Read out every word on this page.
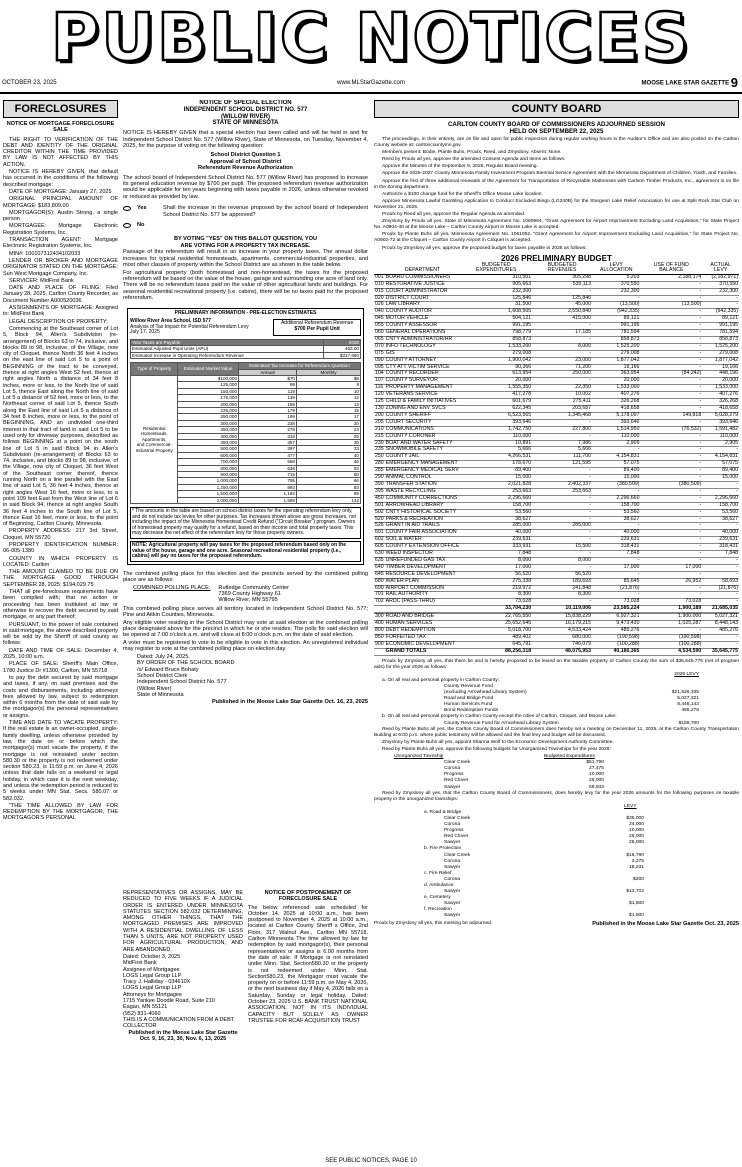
PUBLIC NOTICES
OCTOBER 23, 2025	www.MLStarGazette.com	MOOSE LAKE STAR GAZETTE 9
FORECLOSURES
NOTICE OF MORTGAGE FORECLOSURE SALE

THE RIGHT TO VERIFICATION OF THE DEBT AND IDENTITY OF THE ORIGINAL CREDITOR WITHIN THE TIME PROVIDED BY LAW IS NOT AFFECTED BY THIS ACTION.

NOTICE IS HEREBY GIVEN, that default has occurred in the conditions of the following described mortgage:

DATE OF MORTGAGE: January 27, 2025

ORIGINAL PRINCIPAL AMOUNT OF MORTGAGE: $183,809.00

MORTGAGOR(S): Austin Strong, a single person

MORTGAGEE: Mortgage Electronic Registration Systems, Inc.

TRANSACTION AGENT: Mortgage Electronic Registration Systems, Inc.

MIN#: 100107312434102033

LENDER OR BROKER AND MORTGAGE ORIGINATOR STATED ON THE MORTGAGE: Sun West Mortgage Company, Inc.

SERVICER: MidFirst Bank

DATE AND PLACE OF FILING: Filed January 28, 2025, Carlton County Recorder, as Document Number A000520036

ASSIGNMENTS OF MORTGAGE: Assigned to: MidFirst Bank

LEGAL DESCRIPTION OF PROPERTY:

Commencing at the Southeast corner of Lot 5, Block 94, Allen's Subdivision (re-arrangement) of Blocks 63 to 74, inclusive, and blocks 89 to 98, inclusive, of the Village, now city of Cloquet, thence North 36 feet 4 inches on the east line of said Lot 5 to a point of BEGINNING of the tract to be conveyed, thence at right angles West 52 feet, thence at right angles North a distance of 34 feet 8 inches, more or less, to the North line of said Lot 5, thence East along the North line of said Lot 5 a distance of 52 feet, more or less, to the Northeast corner of said Lot 5, thence South along the East line of said Lot 5 a distance of 34 feet 8 inches, more or less, to the point of BEGINNING, AND an undivided one-third interest in that tract of land in said Lot 5 to be used only for driveway purposes, described as follows BEGINNING at a point on the south line of Lot 5 in said Block 94 in Allen's Subdivision (re-arrangement) of Blocks 63 to 74, inclusive, and blocks 89 to 98, inclusive, of the Village, now city of Cloquet, 36 feet West of the Southeast corner thereof, thence running North on a line parallel with the East line of said Lot 5, 36 feet 4 inches, thence at right angles West 16 feet, more or less, to a point 109 feet East from the West line of Lot 6 in said Block 94, thence at right angles South 36 feet 4 inches to the South line of Lot 5, thence East 16 feet, more or less, to the point of Beginning, Carlton County, Minnesota

PROPERTY ADDRESS: 217 3rd Street, Cloquet, MN 55720

PROPERTY IDENTIFICATION NUMBER: 06-005-1380

COUNTY IN WHICH PROPERTY IS LOCATED: Carlton

THE AMOUNT CLAIMED TO BE DUE ON THE MORTGAGE GOOD THROUGH SEPTEMBER 28, 2025: $194,029.75

THAT all pre-foreclosure requirements have been complied with; that no action or proceeding has been instituted at law or otherwise to recover the debt secured by said mortgage, or any part thereof;

PURSUANT, to the power of sale contained in said mortgage, the above described property will be sold by the Sheriff of said county as follows:

DATE AND TIME OF SALE: December 4, 2025, 10:00 a.m.

PLACE OF SALE: Sheriff's Main Office, 1780 Justice Dr #1300, Carlton, MN 55718

to pay the debt secured by said mortgage and taxes, if any, on said premises and the costs and disbursements, including attorneys fees allowed by law, subject to redemption within 6 months from the date of said sale by the mortgagor(s) the personal representatives or assigns.

TIME AND DATE TO VACATE PROPERTY: If the real estate is an owner-occupied, single-family dwelling, unless otherwise provided by law, the date on or before which the mortgagor(s) must vacate the property, if the mortgage is not reinstated under section 580.30 or the property is not redeemed under section 580.23, is 11:59 p.m. on June 4, 2026 unless that date falls on a weekend or legal holiday, in which case it is the next weekday, and unless the redemption period is reduced to 5 weeks under MN Stat. Secs. 580.07 or 582.032.

"THE TIME ALLOWED BY LAW FOR REDEMPTION BY THE MORTGAGOR, THE MORTGAGOR'S PERSONAL

NOTICE OF SPECIAL ELECTION
INDEPENDENT SCHOOL DISTRICT NO. 577
(WILLOW RIVER)
STATE OF MINNESOTA

NOTICE IS HEREBY GIVEN that a special election has been called and will be held in and for Independent School District No. 577 (Willow River), State of Minnesota, on Tuesday, November 4, 2025, for the purpose of voting on the following question:

School District Question 1
Approval of School District
Referendum Revenue Authorization

The school board of Independent School District No. 577 (Willow River) has proposed to increase its general education revenue by $700 per pupil. The proposed referendum revenue authorization would be applicable for ten years beginning with taxes payable in 2026, unless otherwise revoked or reduced as provided by law.

Yes	Shall the increase in the revenue proposed by the school board of Independent School District No. 577 be approved?
No
BY VOTING "YES" ON THIS BALLOT QUESTION, YOU
ARE VOTING FOR A PROPERTY TAX INCREASE.

Passage of this referendum will result in an increase in your property taxes. The annual dollar increases for typical residential homesteads, apartments, commercial-industrial properties, and most other classes of property within the School District are as shown in the table below.

For agricultural property (both homestead and non-homestead, the taxes for the proposed referendum will be based on the value of the house, garage and surrounding one acre of land only. There will be no referendum taxes paid on the value of other agricultural lands and buildings. For seasonal residential recreational property (i.e. cabins), there will be no taxes paid for the proposed referendum.

PRELIMINARY INFORMATION - PRE-ELECTION ESTIMATES
Willow River Area School, ISD 577
Analysis of Tax Impact for Potential Referendum Levy
July 17, 2025
Additional Referendum Revenue
$700 Per Pupil Unit
Year Taxes are Payable	2026
Estimated Adjusted Pupil Units (APU)	453.00
Estimated Increase in Operating Referendum Revenue	$317,660
Type of Property	Estimated Market Value	Estimated Tax Increase for Referendum Question	
		Annual	Monthly

Residential
Homesteads,
Apartments,
and Commercial-
Industrial Property	$100,000	$70	$6
	125,000	99	8
	150,000	119	10
	175,000	139	12
	200,000	159	13
	225,000	179	15
	250,000	199	17
	300,000	238	20
	350,000	278	23
	400,000	318	26
	450,000	357	30
	500,000	397	33
	600,000	477	40
	700,000	556	46
	800,000	636	53
	900,000	715	60
	1,000,000	795	66
	1,250,000	993	83
	1,500,000	1,192	99
	2,000,000	1,589	132
* The amounts in the table are based on school district taxes for the operating referendum levy only, and do not include tax levies for other purposes. Tax increases shown above are gross increases, not including the impact of the Minnesota Homestead Credit Refund ("Circuit Breaker") program. Owners of homestead property may qualify for a refund, based on their income and total property taxes. This may decrease the net effect of the referendum levy for those property owners.
NOTE: Agricultural property will pay taxes for the proposed referendum based only on the value of the house, garage and one acre. Seasonal recreational residential property (i.e., cabins) will pay no taxes for the proposed referendum.

The combined polling place for this election and the precincts served by the combined polling place are as follows:

COMBINED POLLING PLACE: Rutledge Community Center
7369 County Highway 61
Willow River, MN 55795

This combined polling place serves all territory located in Independent School District No. 577; Pine and Aitkin Counties, Minnesota.

Any eligible voter residing in the School District may vote at said election at the combined polling place designated above for the precinct in which he or she resides. The polls for said election will be opened at 7:00 o'clock a.m. and will close at 8:00 o'clock p.m. on the date of said election.

A voter must be registered to vote to be eligible to vote in this election. An unregistered individual may register to vote at the combined polling place on election day.

Dated: July 24, 2025.
BY ORDER OF THE SCHOOL BOARD
/s/ Edward Bruce Bohaty
School District Clerk
Independent School District No. 577
(Willow River)
State of Minnesota
Published in the Moose Lake Star Gazette Oct. 16, 23, 2025

REPRESENTATIVES OR ASSIGNS, MAY BE REDUCED TO FIVE WEEKS IF A JUDICIAL ORDER IS ENTERED UNDER MINNESOTA STATUTES SECTION 582.032 DETERMINING, AMONG OTHER THINGS, THAT THE MORTGAGED PREMISES ARE IMPROVED WITH A RESIDENTIAL DWELLING OF LESS THAN 5 UNITS, ARE NOT PROPERTY USED FOR AGRICULTURAL PRODUCTION, AND ARE ABANDONED.

Dated: October 3, 2025
MidFirst Bank
Assignee of Mortgagee
LOGS Legal Group LLP
Tracy J. Halliday - 034610X
LOGS Legal Group LLP
Attorneys for Mortgagee
1715 Yankee Doodle Road, Suite 210
Eagan, MN 55121
(952) 831-4060
THIS IS A COMMUNICATION FROM A DEBT COLLECTOR
Published in the Moose Lake Star Gazette Oct. 9, 16, 23, 30, Nov. 6, 13, 2025
NOTICE OF POSTPONEMENT OF FORECLOSURE SALE

The below referenced sale scheduled for October 14, 2025 at 10:00 a.m., has been postponed to November 4, 2025 at 10:00 a.m., located at Carlton County Sheriff s Office, 2nd Floor, 317 Walnut Ave., Carlton MN 55718. Carlton Minnesota The time allowed by law for redemption by said mortgagor(s), their personal representatives or assigns is 6.00 months from the date of sale. If Mortgage is not reinstated under Minn. Stat. Section580.30 or the property is not redeemed under Minn. Stat. Section580.23, the Mortgagor must vacate the property on or before 11:59 p.m. on May 4, 2026, or the next business day if May 4, 2026 falls on a Saturday, Sunday or legal holiday. Dated: October 23, 2025 U.S. BANK TRUST NATIONAL ASSOCIATION, NOT IN ITS INDIVIDUAL CAPACITY BUT SOLELY AS OWNER TRUSTEE FOR RCAF ACQUISITION TRUST

COUNTY BOARD
CARLTON COUNTY BOARD OF COMMISSIONERS ADJOURNED SESSION
HELD ON SEPTEMBER 22, 2025

The proceedings, in their entirety, are on file and open for public inspection during regular working hours in the Auditor's Office and are also posted on the Carlton County website at: carltoncountymn.gov

Members present: Bodie, Plante Buhs, Proulx, Reed, and Zmyslony. Absent: None.

Reed by Proulx all yes, approve the amended Consent Agenda and items as follows:

Approve the Minutes of the September 9, 2025, Regular Board meeting.

Approve the 2026-2027 County Minnesota Family Investment Program Biennial Service Agreement with the Minnesota Department of Children, Youth, and Families.

Approve the first of three additional renewals of the Agreement for Transportation of Recyclable Mattresses with Carlson Timber Products, Inc., agreement is on file in the Zoning department.

Authorize a $100 change fund for the Sheriff's Office Moose Lake location.

Approve Minnesota Lawful Gambling Application to Conduct Excluded Bingo (LG240B) for the Sturgeon Lake Relief Association for use at Split Rock Star Club on November 21, 2025.

Proulx by Reed all yes, approve the Regular Agenda as amended.

Zmyslony by Proulx all yes, State of Minnesota Agreement No. 1060994, "Grant Agreement for Airport Improvement Excluding Land Acquisition," for State Project No. A0904-40 at the Moose Lake – Carlton County Airport in Moose Lake is accepted.

Proulx by Plante Buhs all yes, Minnesota Agreement No. 1061092, "Grant Agreement for Airport Improvement Excluding Land Acquisition," for State Project No. A0902-72 at the Cloquet – Carlton County Airport in Cloquet is accepted.

Proulx by Zmyslony all yes, approve the proposed budget for taxes payable in 2026 as follows:

2026 PRELIMINARY BUDGET
	DEPARTMENT	BUDGETED EXPENDITURES	BUDGETED REVENUES	LEVY ALLOCATION	USE OF FUND BALANCE	ACTUAL LEVY
001	BOARD COMMISSIONERS	310,501	305,298	5,203	2,188,174	(2,182,971)
010	RESTORATIVE JUSTICE	905,663	535,113	370,550	-	370,550
015	COURT ADMINISTRATOR	232,300	-	232,300	-	232,300
020	DISTRICT COURT	125,846	125,846	-	-	-
026	LAW LIBRARY	31,500	45,000	(13,500)	(13,500)	-
040	COUNTY AUDITOR	1,608,505	2,550,840	(942,335)	-	(942,335)
045	MOTOR VEHICLE	504,121	415,000	89,121	-	89,121
055	COUNTY ASSESSOR	991,195	-	991,195	-	991,195
060	GENERAL OPERATIONS	798,779	17,185	781,594	-	781,594
065	CNTY ADMINISTRATOR/HR	858,873	-	858,873	-	858,873
070	INFO TECHNOLOGY	1,533,200	8,000	1,525,200	-	1,525,200
075	GIS	279,008	-	279,008	-	279,008
090	COUNTY ATTORNEY	1,900,042	23,000	1,877,042	-	1,877,042
095	CTY ATT VICTIM SERVICE	90,366	71,200	19,166	-	19,166
104	COUNTY RECORDER	613,954	250,000	363,954	(84,242)	448,196
107	COUNTY SURVEYOR	20,000	-	20,000	-	20,000
116	PROPERTY MANAGEMENT	1,555,350	22,350	1,533,000	-	1,533,000
120	VETERANS SERVICE	417,278	10,002	407,276	-	407,276
125	CHILD & FAMILY INITIATIVES	601,679	275,411	326,268	-	326,268
130	ZONING AND ENV SVCS	622,345	203,687	418,658	-	418,658
200	COUNTY SHERIFF	6,523,565	1,345,468	5,178,097	149,818	5,028,279
205	COURT SECURITY	393,646	-	393,646	-	393,646
210	COMMUNICATIONS	1,742,750	227,800	1,514,950	(76,532)	1,591,482
215	COUNTY CORONER	110,000	-	110,000	-	110,000
230	BOAT AND WATER SAFETY	10,891	7,986	2,905	-	2,905
235	SNOWMOBILE SAFETY	5,666	5,666	-	-	-
250	COUNTY JAIL	4,266,531	111,700	4,154,831	-	4,154,831
280	EMERGENCY MANAGEMENT	178,670	121,595	57,075	-	57,075
285	EMERGENCY MEDICAL SERV	89,400	-	89,400	-	89,400
290	ANIMAL CONTROL	15,000	-	15,000	-	15,000
390	TRANSFER STATION	2,021,828	2,402,337	(380,509)	(380,509)	-
395	WASTE RECYCLING	253,663	253,663	-	-	-
450	COMMUNITY CORRECTIONS	2,296,660	-	2,296,660	-	2,296,660
501	ARROWHEAD LIBRARY	158,700	-	158,700	-	158,700
502	CNTY HISTORICAL SOCIETY	53,560	-	53,560	-	53,560
520	PARKS & RECREATION	38,627	-	38,627	-	38,627
525	GRANT IN AID TRAILS	285,000	285,000	-	-	-
601	COUNTY FAIR ASSOCIATION	40,000	-	40,000	-	40,000
602	SOIL & WATER	239,631	-	239,631	-	239,631
605	COUNTY EXTENSION OFFICE	333,931	15,500	318,431	-	318,431
630	WEED INSPECTOR	7,848	-	7,848	-	7,848
635	UNREFUNDED GAS TAX	8,000	8,000	-	-	-
640	TIMBER DEVELOPMENT	17,000	-	17,000	17,000	-
645	RESOURCE DEVELOPMENT	56,520	56,520	-	-	-
680	WATER PLAN	275,338	189,693	85,645	26,952	58,693
690	AIRPORT COMMISSION	219,972	241,848	(21,876)	-	(21,876)
701	RAIL AUTHORITY	8,300	8,300	-	-	-
702	ARDC (PASS-THRU)	73,028	-	73,028	73,028	-
		33,704,230	10,119,006	23,585,224	1,900,189	21,685,035

300	ROAD AND BRIDGE	22,765,550	15,838,229	6,927,321	1,900,000	5,027,321
400	HUMAN SERVICES	25,652,645	16,179,215	9,473,430	1,025,287	8,448,143
800	DEBT REDEMPTION	5,018,700	4,533,424	485,276	-	485,276
850	FORFEITED TAX	489,402	680,000	(190,598)	(190,598)	-
900	ECONOMIC DEVELOPMENT	645,791	746,079	(100,288)	(100,288)	-
	GRAND TOTALS	88,256,318	48,075,953	40,180,365	4,534,590	35,645,775

Proulx by Zmyslony all yes, that there be and is hereby proposed to be levied on the taxable property of Carlton County the sum of $35,645,775 (net of program aids) for the year 2026 as follows:

2026 LEVY
a. On all real and personal property in Carlton County:
County Revenue Fund
(excluding Arrowhead Library System)	$21,526,335
Road and Bridge Fund	5,027,321
Human Services Fund	8,448,143
Bond Redemption Funds	485,276
b. On all real and personal property in Carlton County except the cities of Carlton, Cloquet, and Moose Lake:
County Revenue Fund for Arrowhead Library System	$158,700

Reed by Plante Buhs all yes, the Carlton County Board of Commissioners does hereby set a meeting on December 11, 2025, at the Carlton County Transportation Building at 6:00 p.m. where public testimony will be allowed and the final levy and budget will be discussed.

Zmyslony by Plante Buhs all yes, appoint Shanna Wolf to the Economic Development Authority Committee.

Reed by Plante Buhs all yes, approve the following budgets for Unorganized Townships for the year 2026:

Unorganized Township	Budgeted Expenditures
Clear Creek	$51,790
Corona	27,475
Progress	10,000
Red Clover	25,000
Sawyer	59,933

Reed by Zmyslony all yes, that the Carlton County Board of Commissioners, does hereby levy for the year 2026 amounts for the following purposes on taxable property in the unorganized townships:

LEVY
a. Road & Bridge
Clear Creek	$35,000
Corona	24,000
Progress	10,000
Red Clover	25,000
Sawyer	25,000
b. Fire Protection
Clear Creek	$16,790
Corona	3,275
Sawyer	18,231
c. Fire Relief
Corona	$200
d. Ambulance
Sawyer	$13,702
e. Cemetery
Sawyer	$1,500
f. Recreation
Sawyer	$1,500
Proulx by Zmyslony all yes, this meeting be adjourned.	Published in the Moose Lake Star Gazette Oct. 23, 2025
SEE PUBLIC NOTICES, PAGE 10
